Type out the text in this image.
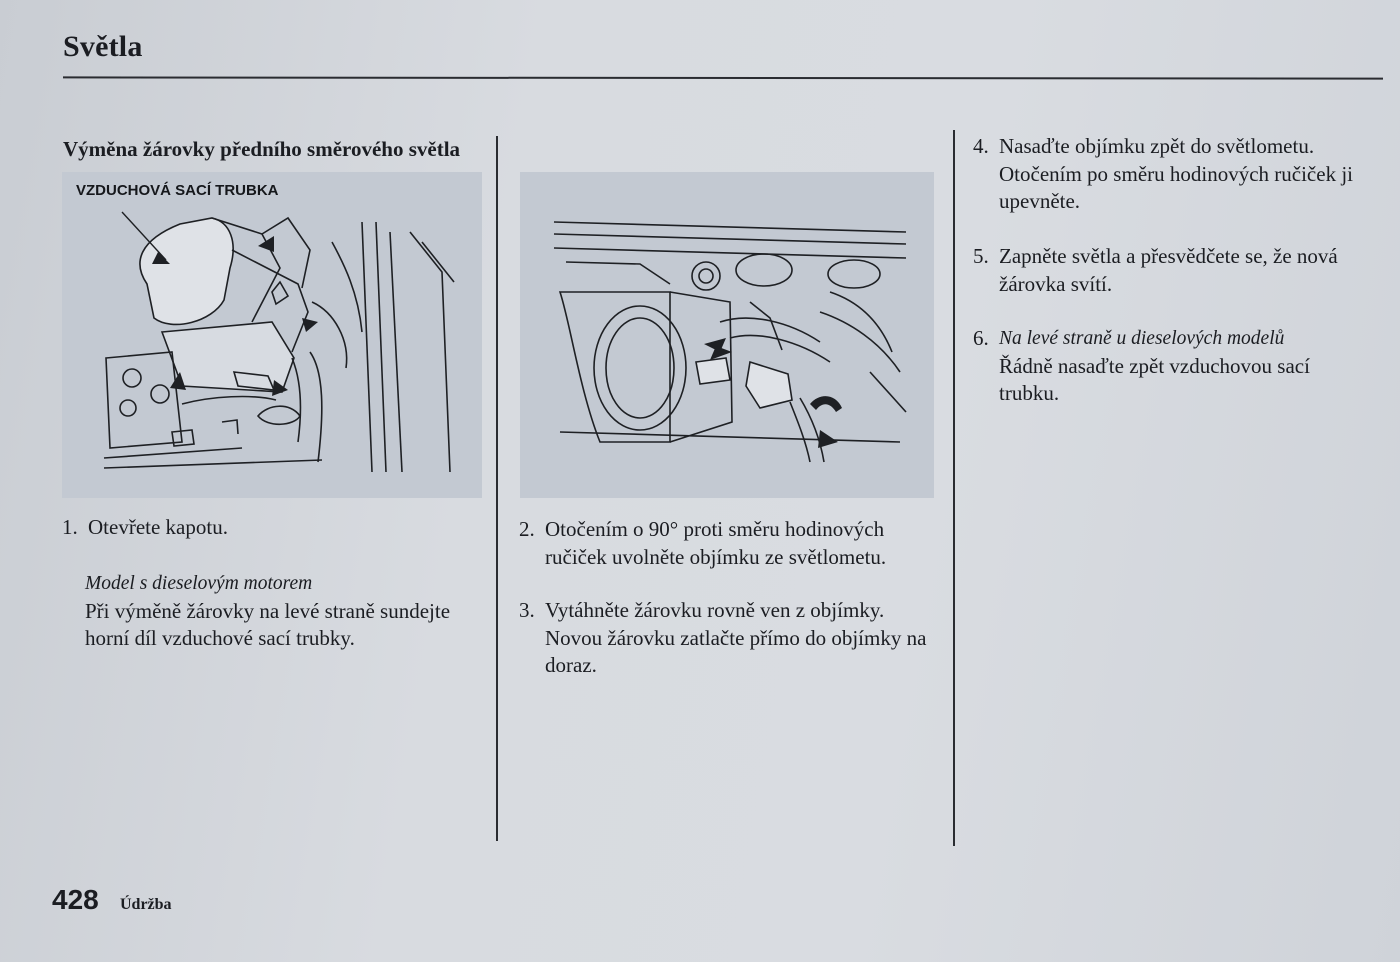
Světla
Výměna žárovky předního směrového světla
VZDUCHOVÁ SACÍ TRUBKA
1. Otevřete kapotu.
Model s dieselovým motorem
Při výměně žárovky na levé straně sundejte horní díl vzduchové sací trubky.
2. Otočením o 90° proti směru hodinových ručiček uvolněte objímku ze světlometu.
3. Vytáhněte žárovku rovně ven z objímky. Novou žárovku zatlačte přímo do objímky na doraz.
4. Nasaďte objímku zpět do světlometu. Otočením po směru hodinových ručiček ji upevněte.
5. Zapněte světla a přesvědčete se, že nová žárovka svítí.
6. Na levé straně u dieselových modelů
Řádně nasaďte zpět vzduchovou sací trubku.
428 Údržba
